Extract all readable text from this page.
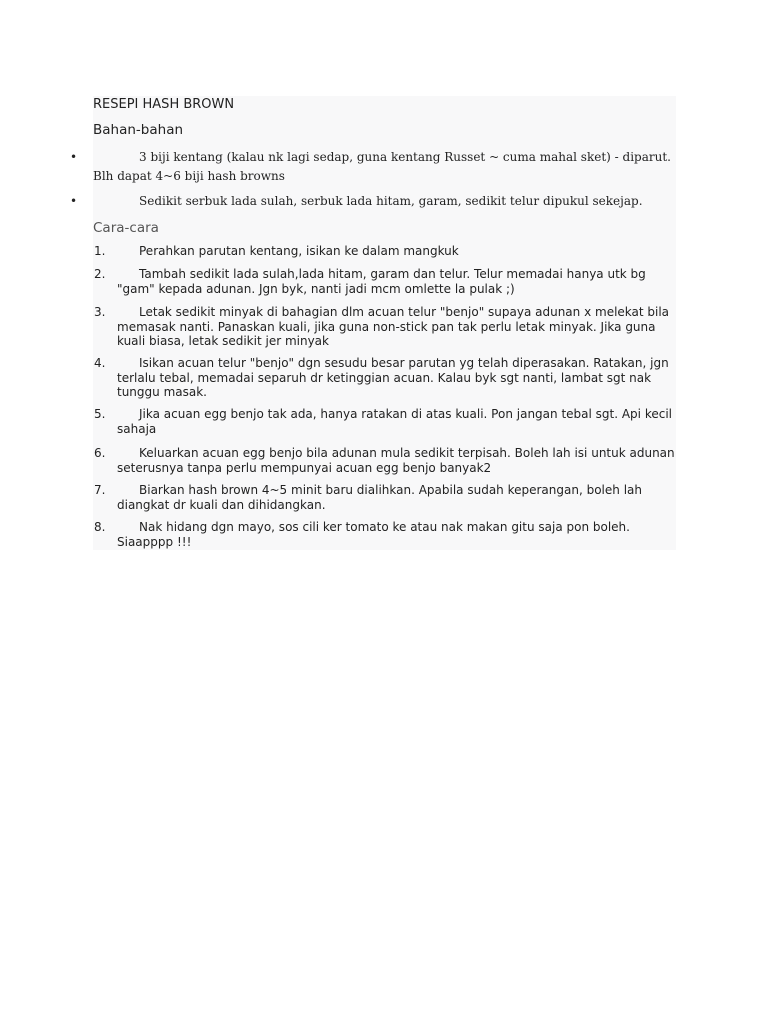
RESEPI HASH BROWN
Bahan-bahan
•	3 biji kentang (kalau nk lagi sedap, guna kentang Russet ~ cuma mahal sket) - diparut. Blh dapat 4~6 biji hash browns
•	Sedikit serbuk lada sulah, serbuk lada hitam, garam, sedikit telur dipukul sekejap.
Cara-cara
1.	Perahkan parutan kentang, isikan ke dalam mangkuk
2.	Tambah sedikit lada sulah,lada hitam, garam dan telur. Telur memadai hanya utk bg "gam" kepada adunan. Jgn byk, nanti jadi mcm omlette la pulak ;)
3.	Letak sedikit minyak di bahagian dlm acuan telur "benjo" supaya adunan x melekat bila memasak nanti. Panaskan kuali, jika guna non-stick pan tak perlu letak minyak. Jika guna kuali biasa, letak sedikit jer minyak
4.	Isikan acuan telur "benjo" dgn sesudu besar parutan yg telah diperasakan. Ratakan, jgn terlalu tebal, memadai separuh dr ketinggian acuan. Kalau byk sgt nanti, lambat sgt nak tunggu masak.
5.	Jika acuan egg benjo tak ada, hanya ratakan di atas kuali. Pon jangan tebal sgt. Api kecil sahaja
6.	Keluarkan acuan egg benjo bila adunan mula sedikit terpisah. Boleh lah isi untuk adunan seterusnya tanpa perlu mempunyai acuan egg benjo banyak2
7.	Biarkan hash brown 4~5 minit baru dialihkan. Apabila sudah keperangan, boleh lah diangkat dr kuali dan dihidangkan.
8.	Nak hidang dgn mayo, sos cili ker tomato ke atau nak makan gitu saja pon boleh. Siaapppp !!!
